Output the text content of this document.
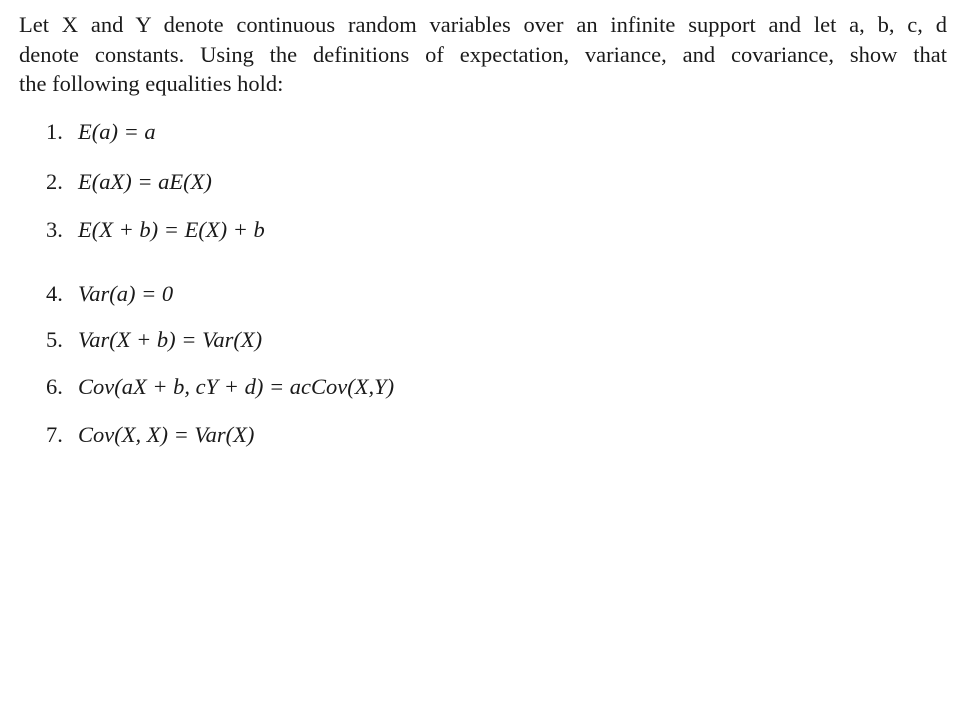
Let X and Y denote continuous random variables over an infinite support and let a, b, c, d
denote constants. Using the definitions of expectation, variance, and covariance, show that
the following equalities hold:
1. E(a) = a
2. E(aX) = aE(X)
3. E(X + b) = E(X) + b
4. Var(a) = 0
5. Var(X + b) = Var(X)
6. Cov(aX + b, cY + d) = acCov(X,Y)
7. Cov(X, X) = Var(X)
